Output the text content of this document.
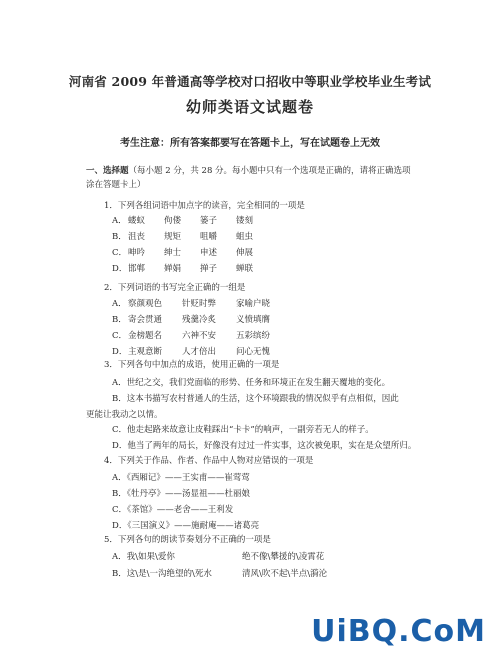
河南省 2009 年普通高等学校对口招收中等职业学校毕业生考试
幼师类语文试题卷
考生注意：所有答案都要写在答题卡上，写在试题卷上无效
一、选择题（每小题 2 分，共 28 分。每小题中只有一个选项是正确的，请将正确选项
涂在答题卡上）
1．下列各组词语中加点字的读音，完全相同的一项是
A． 蝼蚁	佝偻	篓子	镂刻
B． 沮丧	规矩	咀嚼	蛆虫
C． 呻吟	绅士	申述	伸展
D． 邯郸	婵娟	掸子	蝉联
2．下列词语的书写完全正确的一组是
A． 察颜观色	针贬时弊	家喻户晓
B． 寄会贯通	残羹冷炙	义愤填膺
C． 金榜题名	六神不安	五彩缤纷
D． 主观意断	人才倍出	问心无愧
3．下列各句中加点的成语，使用正确的一项是
A．世纪之交，我们党面临的形势、任务和环境正在发生翻天覆地的变化。
B．这本书描写农村普通人的生活，这个环境跟我的情况似乎有点相似，因此
更能让我动之以情。
C．他走起路来故意让皮鞋踩出“卡卡”的响声，一副旁若无人的样子。
D．他当了两年的局长，好像没有过过一件实事，这次被免职，实在是众望所归。
4．下列关于作品、作者、作品中人物对应错误的一项是
A．《西厢记》——王实甫——崔莺莺
B．《牡丹亭》——汤显祖——杜丽娘
C．《茶馆》——老舍——王利发
D．《三国演义》——施耐庵——诸葛亮
5．下列各句的朗读节奏划分不正确的一项是
A．我\如果\爱你	绝不像\攀援的\凌霄花
B．这\是\一沟绝望的\死水	清风\吹不起\半点\漪沦
UiBQ.CoM
